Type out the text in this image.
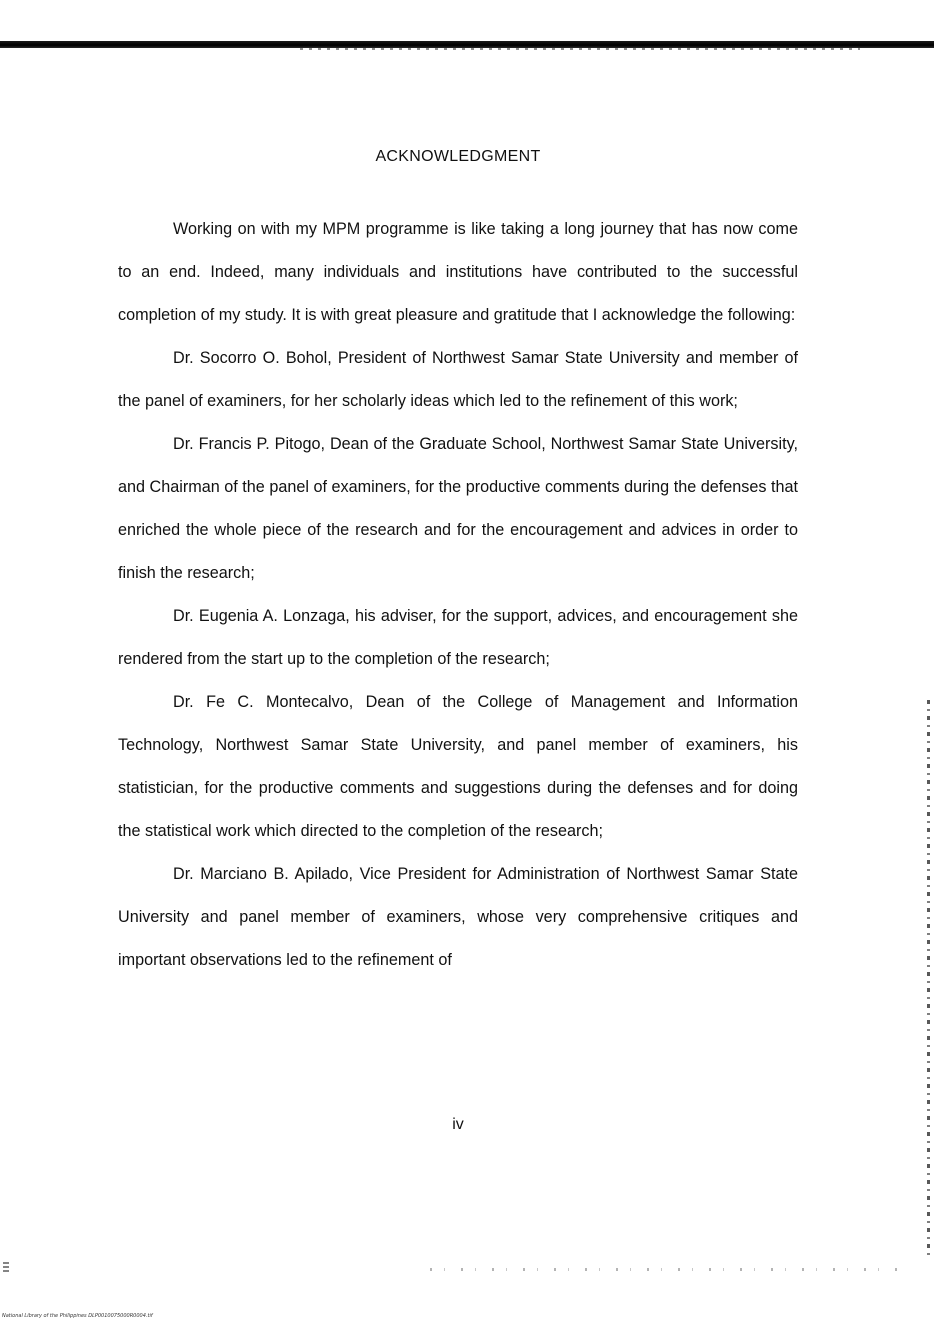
ACKNOWLEDGMENT

Working on with my MPM programme is like taking a long journey that has now come to an end. Indeed, many individuals and institutions have contributed to the successful completion of my study. It is with great pleasure and gratitude that I acknowledge the following:

Dr. Socorro O. Bohol, President of Northwest Samar State University and member of the panel of examiners, for her scholarly ideas which led to the refinement of this work;

Dr. Francis P. Pitogo, Dean of the Graduate School, Northwest Samar State University, and Chairman of the panel of examiners, for the productive comments during the defenses that enriched the whole piece of the research and for the encouragement and advices in order to finish the research;

Dr. Eugenia A. Lonzaga, his adviser, for the support, advices, and encouragement she rendered from the start up to the completion of the research;

Dr. Fe C. Montecalvo, Dean of the College of Management and Information Technology, Northwest Samar State University, and panel member of examiners, his statistician, for the productive comments and suggestions during the defenses and for doing the statistical work which directed to the completion of the research;

Dr. Marciano B. Apilado, Vice President for Administration of Northwest Samar State University and panel member of examiners, whose very comprehensive critiques and important observations led to the refinement of

iv
National Library of the Philippines DLP0010075000R0004.tif
